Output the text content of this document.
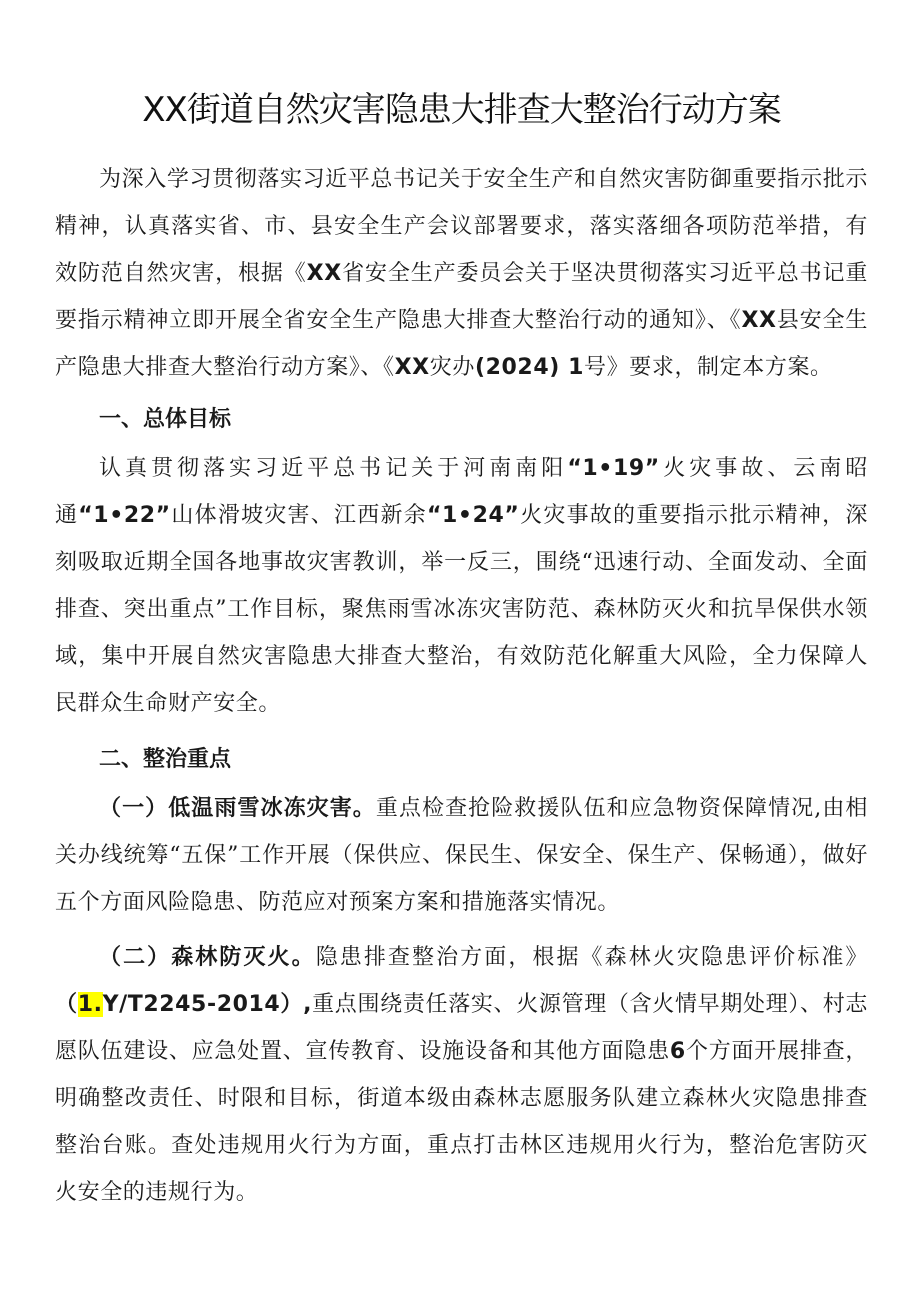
XX街道自然灾害隐患大排查大整治行动方案

为深入学习贯彻落实习近平总书记关于安全生产和自然灾害防御重要指示批示精神，认真落实省、市、县安全生产会议部署要求，落实落细各项防范举措，有效防范自然灾害，根据《XX省安全生产委员会关于坚决贯彻落实习近平总书记重要指示精神立即开展全省安全生产隐患大排查大整治行动的通知》、《XX县安全生产隐患大排查大整治行动方案》、《XX灾办(2024) 1号》要求，制定本方案。

一、总体目标

认真贯彻落实习近平总书记关于河南南阳“1•19”火灾事故、云南昭通“1•22”山体滑坡灾害、江西新余“1•24”火灾事故的重要指示批示精神，深刻吸取近期全国各地事故灾害教训，举一反三，围绕“迅速行动、全面发动、全面排查、突出重点”工作目标，聚焦雨雪冰冻灾害防范、森林防灭火和抗旱保供水领域，集中开展自然灾害隐患大排查大整治，有效防范化解重大风险，全力保障人民群众生命财产安全。

二、整治重点

（一）低温雨雪冰冻灾害。重点检查抢险救援队伍和应急物资保障情况,由相关办线统筹“五保”工作开展（保供应、保民生、保安全、保生产、保畅通），做好五个方面风险隐患、防范应对预案方案和措施落实情况。

（二）森林防灭火。隐患排查整治方面，根据《森林火灾隐患评价标准》（1.Y/T2245-2014）,重点围绕责任落实、火源管理（含火情早期处理）、村志愿队伍建设、应急处置、宣传教育、设施设备和其他方面隐患6个方面开展排查，明确整改责任、时限和目标，街道本级由森林志愿服务队建立森林火灾隐患排查整治台账。查处违规用火行为方面，重点打击林区违规用火行为，整治危害防灭火安全的违规行为。
